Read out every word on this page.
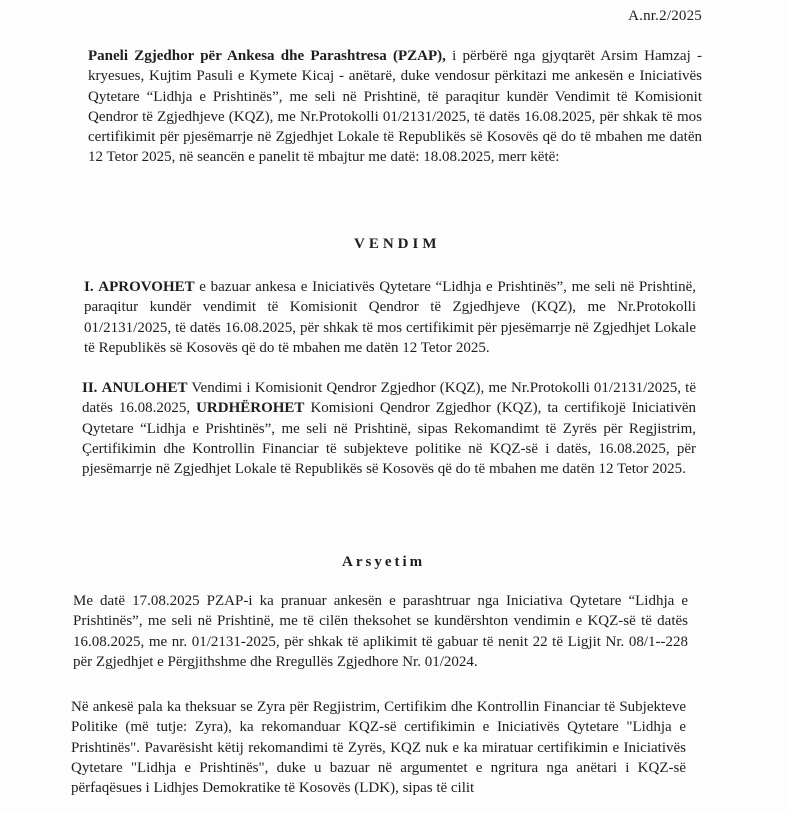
A.nr.2/2025
Paneli Zgjedhor për Ankesa dhe Parashtresa (PZAP), i përbërë nga gjyqtarët Arsim Hamzaj - kryesues, Kujtim Pasuli e Kymete Kicaj - anëtarë, duke vendosur përkitazi me ankesën e Iniciativës Qytetare “Lidhja e Prishtinës”, me seli në Prishtinë, të paraqitur kundër Vendimit të Komisionit Qendror të Zgjedhjeve (KQZ), me Nr.Protokolli 01/2131/2025, të datës 16.08.2025, për shkak të mos certifikimit për pjesëmarrje në Zgjedhjet Lokale të Republikës së Kosovës që do të mbahen me datën 12 Tetor 2025, në seancën e panelit të mbajtur me datë: 18.08.2025, merr këtë:
VENDIM
I. APROVOHET e bazuar ankesa e Iniciativës Qytetare “Lidhja e Prishtinës”, me seli në Prishtinë, paraqitur kundër vendimit të Komisionit Qendror të Zgjedhjeve (KQZ), me Nr.Protokolli 01/2131/2025, të datës 16.08.2025, për shkak të mos certifikimit për pjesëmarrje në Zgjedhjet Lokale të Republikës së Kosovës që do të mbahen me datën 12 Tetor 2025.
II. ANULOHET Vendimi i Komisionit Qendror Zgjedhor (KQZ), me Nr.Protokolli 01/2131/2025, të datës 16.08.2025, URDHËROHET Komisioni Qendror Zgjedhor (KQZ), ta certifikojë Iniciativën Qytetare “Lidhja e Prishtinës”, me seli në Prishtinë, sipas Rekomandimt të Zyrës për Regjistrim, Çertifikimin dhe Kontrollin Financiar të subjekteve politike në KQZ-së i datës, 16.08.2025, për pjesëmarrje në Zgjedhjet Lokale të Republikës së Kosovës që do të mbahen me datën 12 Tetor 2025.
Arsyetim
Me datë 17.08.2025 PZAP-i ka pranuar ankesën e parashtruar nga Iniciativa Qytetare “Lidhja e Prishtinës”, me seli në Prishtinë, me të cilën theksohet se kundërshton vendimin e KQZ-së të datës 16.08.2025, me nr. 01/2131-2025, për shkak të aplikimit të gabuar të nenit 22 të Ligjit Nr. 08/1--228 për Zgjedhjet e Përgjithshme dhe Rregullës Zgjedhore Nr. 01/2024.
Në ankesë pala ka theksuar se Zyra për Regjistrim, Certifikim dhe Kontrollin Financiar të Subjekteve Politike (më tutje: Zyra), ka rekomanduar KQZ-së certifikimin e Iniciativës Qytetare "Lidhja e Prishtinës". Pavarësisht këtij rekomandimi të Zyrës, KQZ nuk e ka miratuar certifikimin e Iniciativës Qytetare "Lidhja e Prishtinës", duke u bazuar në argumentet e ngritura nga anëtari i KQZ-së përfaqësues i Lidhjes Demokratike të Kosovës (LDK), sipas të cilit
